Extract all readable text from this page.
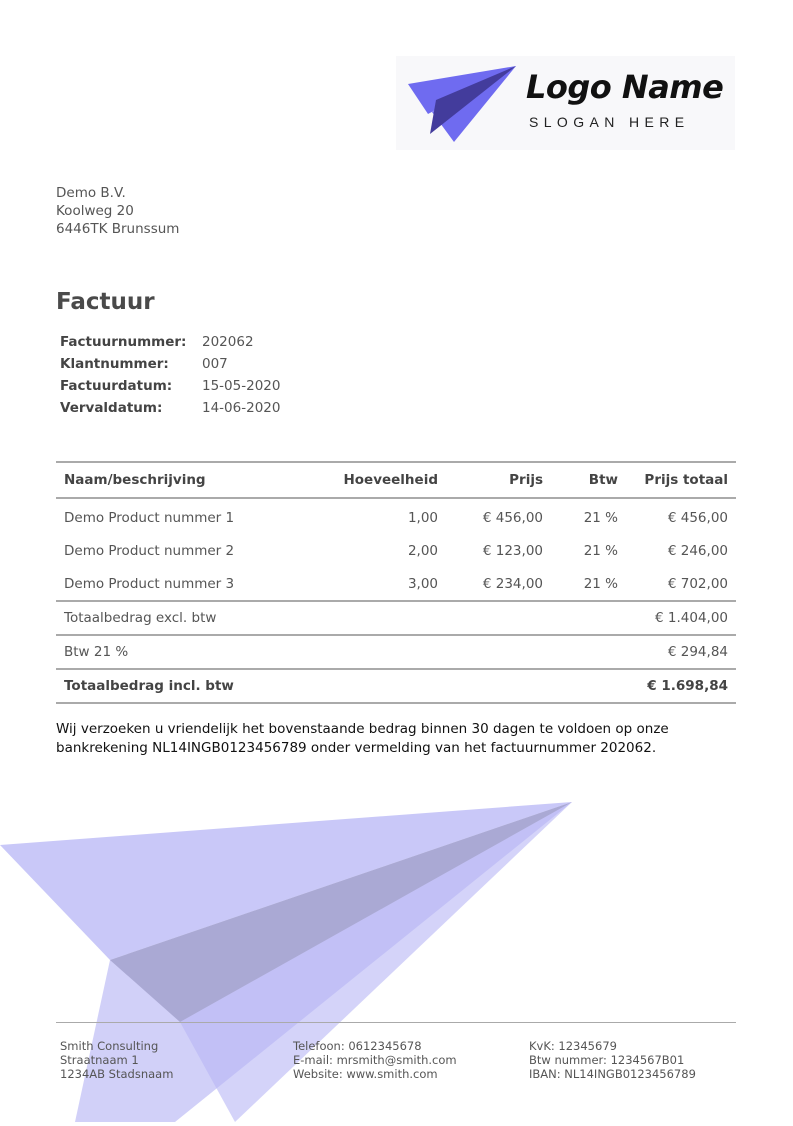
Logo Name
SLOGAN HERE
Demo B.V.
Koolweg 20
6446TK Brunssum
Factuur
Factuurnummer:	202062
Klantnummer:	007
Factuurdatum:	15-05-2020
Vervaldatum:	14-06-2020
Naam/beschrijving	Hoeveelheid	Prijs	Btw	Prijs totaal
Demo Product nummer 1	1,00	€ 456,00	21 %	€ 456,00
Demo Product nummer 2	2,00	€ 123,00	21 %	€ 246,00
Demo Product nummer 3	3,00	€ 234,00	21 %	€ 702,00
Totaalbedrag excl. btw				€ 1.404,00
Btw 21 %				€ 294,84
Totaalbedrag incl. btw				€ 1.698,84

Wij verzoeken u vriendelijk het bovenstaande bedrag binnen 30 dagen te voldoen op onze bankrekening NL14INGB0123456789 onder vermelding van het factuurnummer 202062.

Smith Consulting
Straatnaam 1
1234AB Stadsnaam
Telefoon: 0612345678
E-mail: mrsmith@smith.com
Website: www.smith.com
KvK: 12345679
Btw nummer: 1234567B01
IBAN: NL14INGB0123456789
